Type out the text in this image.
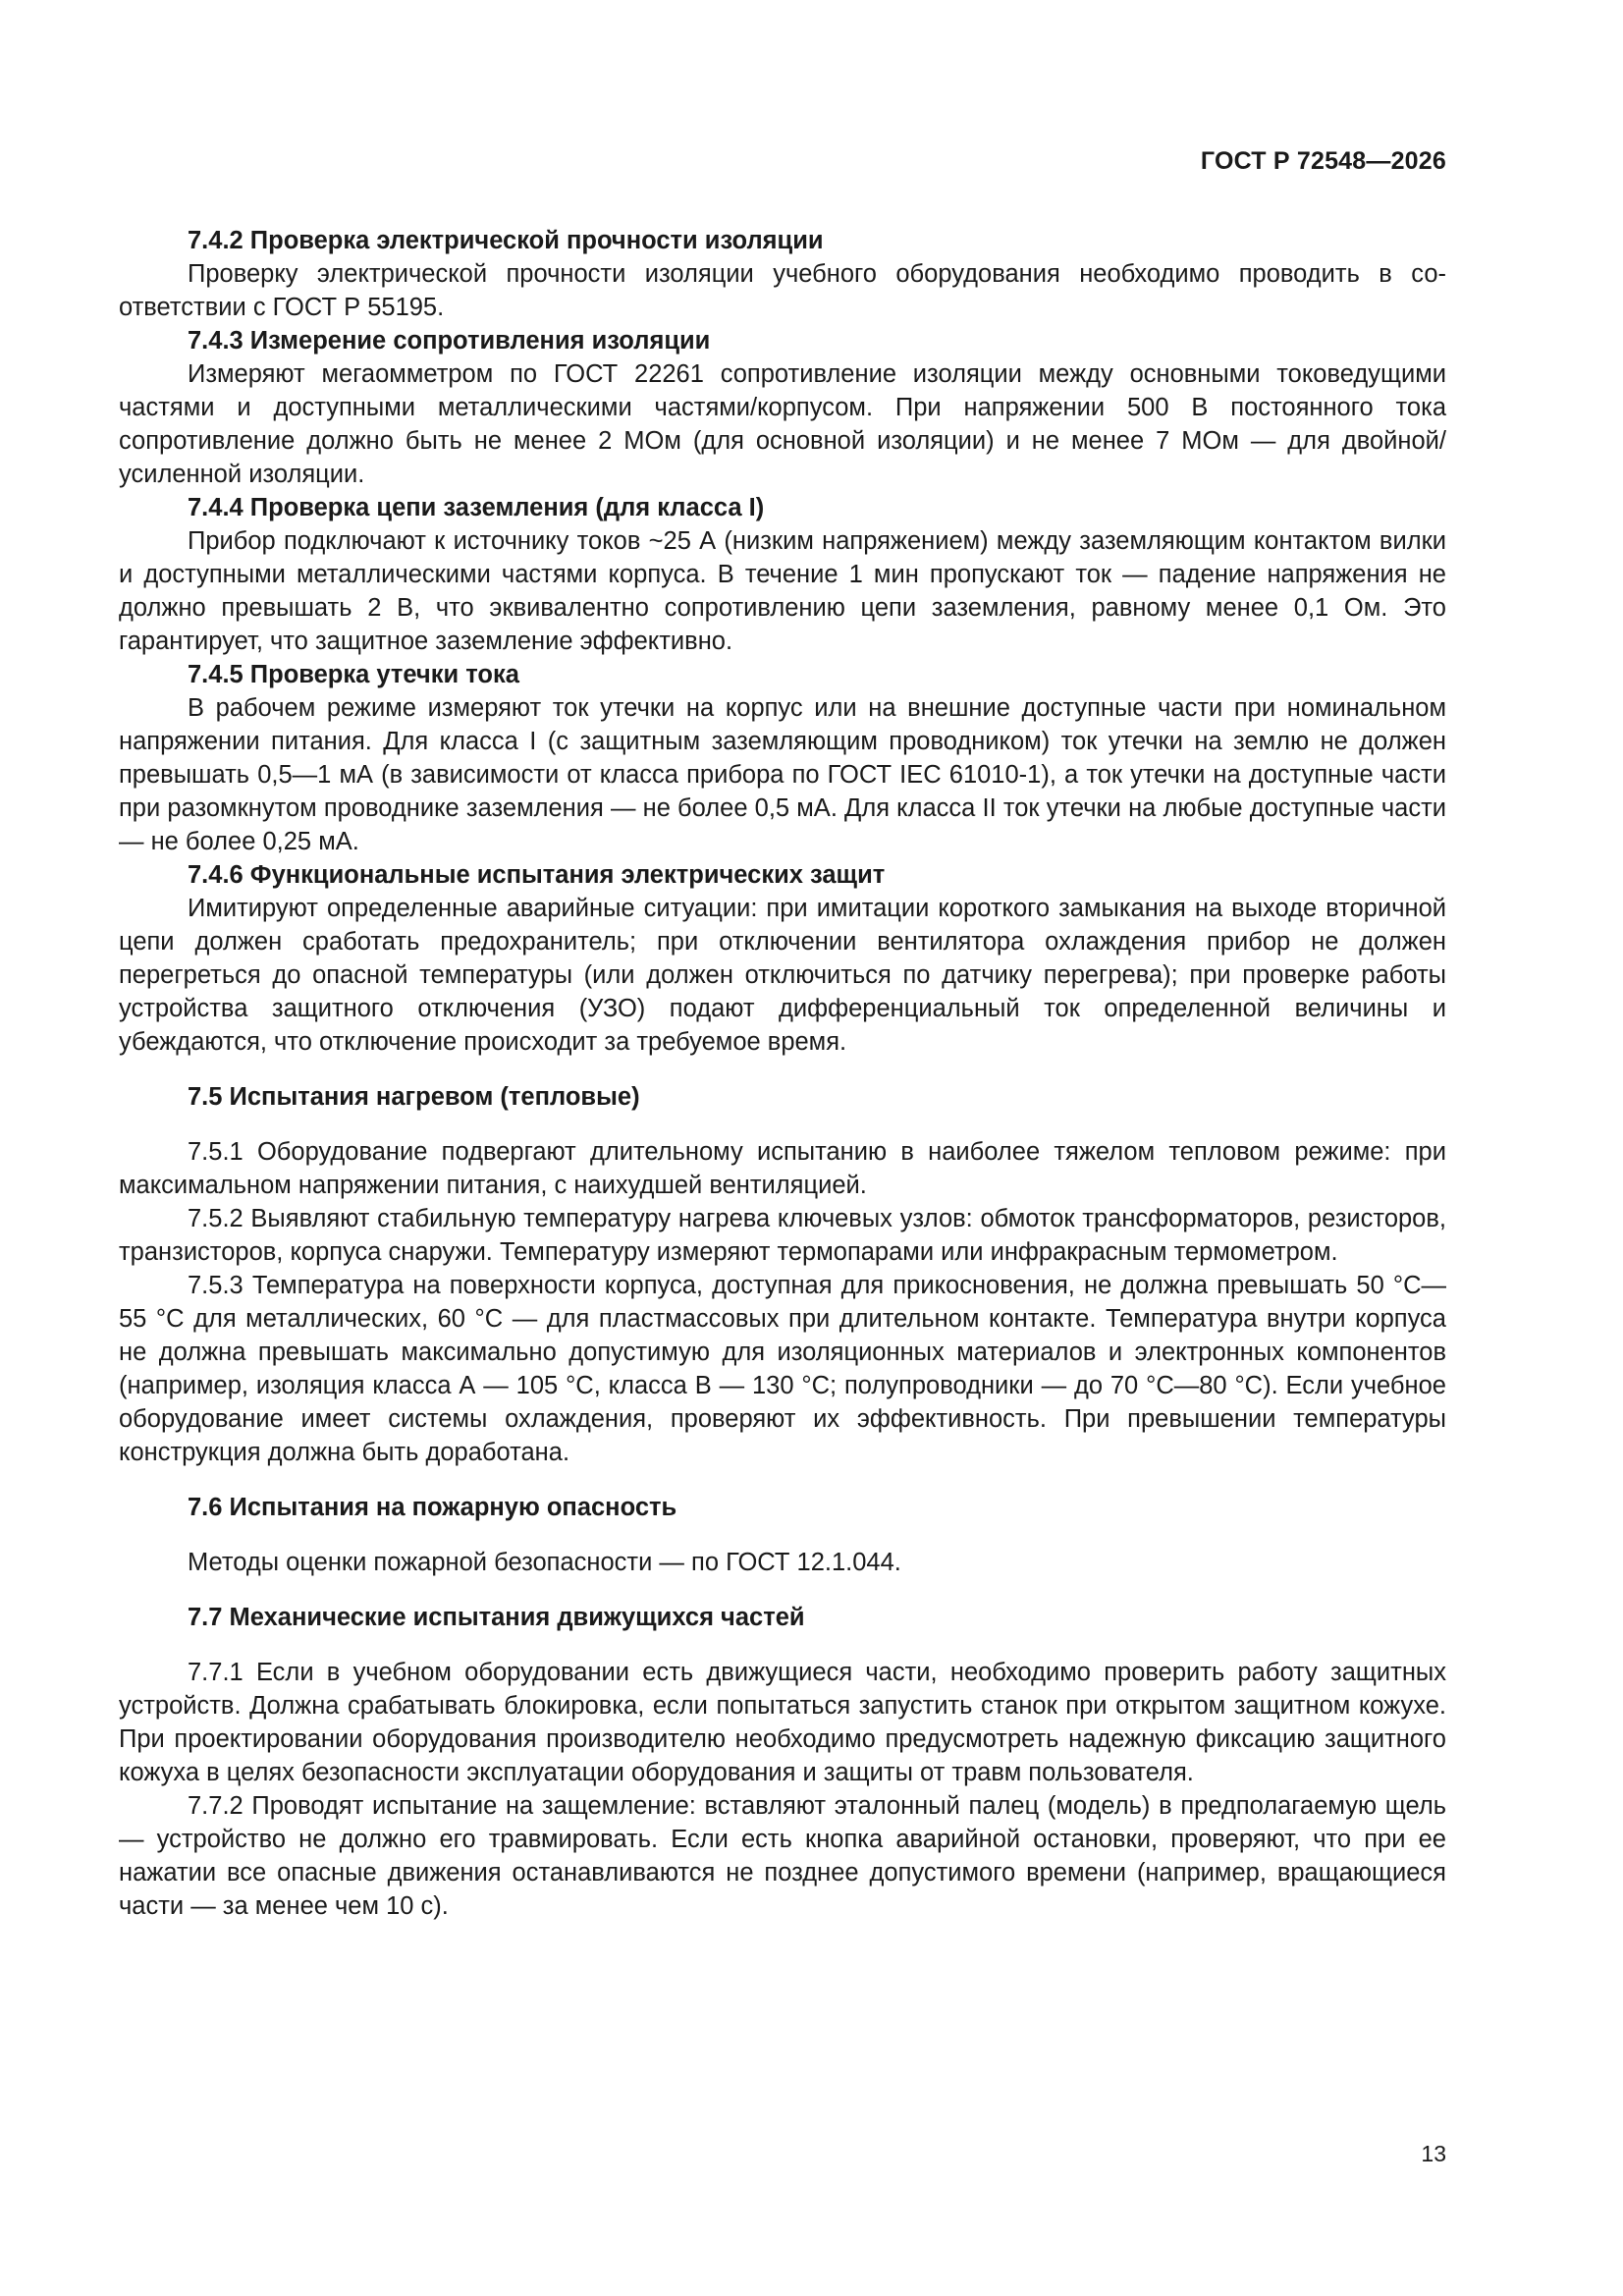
ГОСТ Р 72548—2026
7.4.2 Проверка электрической прочности изоляции

Проверку электрической прочности изоляции учебного оборудования необходимо проводить в соответствии с ГОСТ Р 55195.

7.4.3 Измерение сопротивления изоляции

Измеряют мегаомметром по ГОСТ 22261 сопротивление изоляции между основными токоведущими частями и доступными металлическими частями/корпусом. При напряжении 500 В постоянного тока сопротивление должно быть не менее 2 МОм (для основной изоляции) и не менее 7 МОм — для двойной/усиленной изоляции.

7.4.4 Проверка цепи заземления (для класса I)

Прибор подключают к источнику токов ~25 А (низким напряжением) между заземляющим контактом вилки и доступными металлическими частями корпуса. В течение 1 мин пропускают ток — падение напряжения не должно превышать 2 В, что эквивалентно сопротивлению цепи заземления, равному менее 0,1 Ом. Это гарантирует, что защитное заземление эффективно.

7.4.5 Проверка утечки тока

В рабочем режиме измеряют ток утечки на корпус или на внешние доступные части при номинальном напряжении питания. Для класса I (с защитным заземляющим проводником) ток утечки на землю не должен превышать 0,5—1 мА (в зависимости от класса прибора по ГОСТ IEC 61010-1), а ток утечки на доступные части при разомкнутом проводнике заземления — не более 0,5 мА. Для класса II ток утечки на любые доступные части — не более 0,25 мА.

7.4.6 Функциональные испытания электрических защит

Имитируют определенные аварийные ситуации: при имитации короткого замыкания на выходе вторичной цепи должен сработать предохранитель; при отключении вентилятора охлаждения прибор не должен перегреться до опасной температуры (или должен отключиться по датчику перегрева); при проверке работы устройства защитного отключения (УЗО) подают дифференциальный ток определенной величины и убеждаются, что отключение происходит за требуемое время.

7.5 Испытания нагревом (тепловые)

7.5.1 Оборудование подвергают длительному испытанию в наиболее тяжелом тепловом режиме: при максимальном напряжении питания, с наихудшей вентиляцией.

7.5.2 Выявляют стабильную температуру нагрева ключевых узлов: обмоток трансформаторов, резисторов, транзисторов, корпуса снаружи. Температуру измеряют термопарами или инфракрасным термометром.

7.5.3 Температура на поверхности корпуса, доступная для прикосновения, не должна превышать 50 °С—55 °С для металлических, 60 °С — для пластмассовых при длительном контакте. Температура внутри корпуса не должна превышать максимально допустимую для изоляционных материалов и электронных компонентов (например, изоляция класса А — 105 °С, класса В — 130 °С; полупроводники — до 70 °С—80 °С). Если учебное оборудование имеет системы охлаждения, проверяют их эффективность. При превышении температуры конструкция должна быть доработана.

7.6 Испытания на пожарную опасность

Методы оценки пожарной безопасности — по ГОСТ 12.1.044.

7.7 Механические испытания движущихся частей

7.7.1 Если в учебном оборудовании есть движущиеся части, необходимо проверить работу защитных устройств. Должна срабатывать блокировка, если попытаться запустить станок при открытом защитном кожухе. При проектировании оборудования производителю необходимо предусмотреть надежную фиксацию защитного кожуха в целях безопасности эксплуатации оборудования и защиты от травм пользователя.

7.7.2 Проводят испытание на защемление: вставляют эталонный палец (модель) в предполагаемую щель — устройство не должно его травмировать. Если есть кнопка аварийной остановки, проверяют, что при ее нажатии все опасные движения останавливаются не позднее допустимого времени (например, вращающиеся части — за менее чем 10 с).

13
